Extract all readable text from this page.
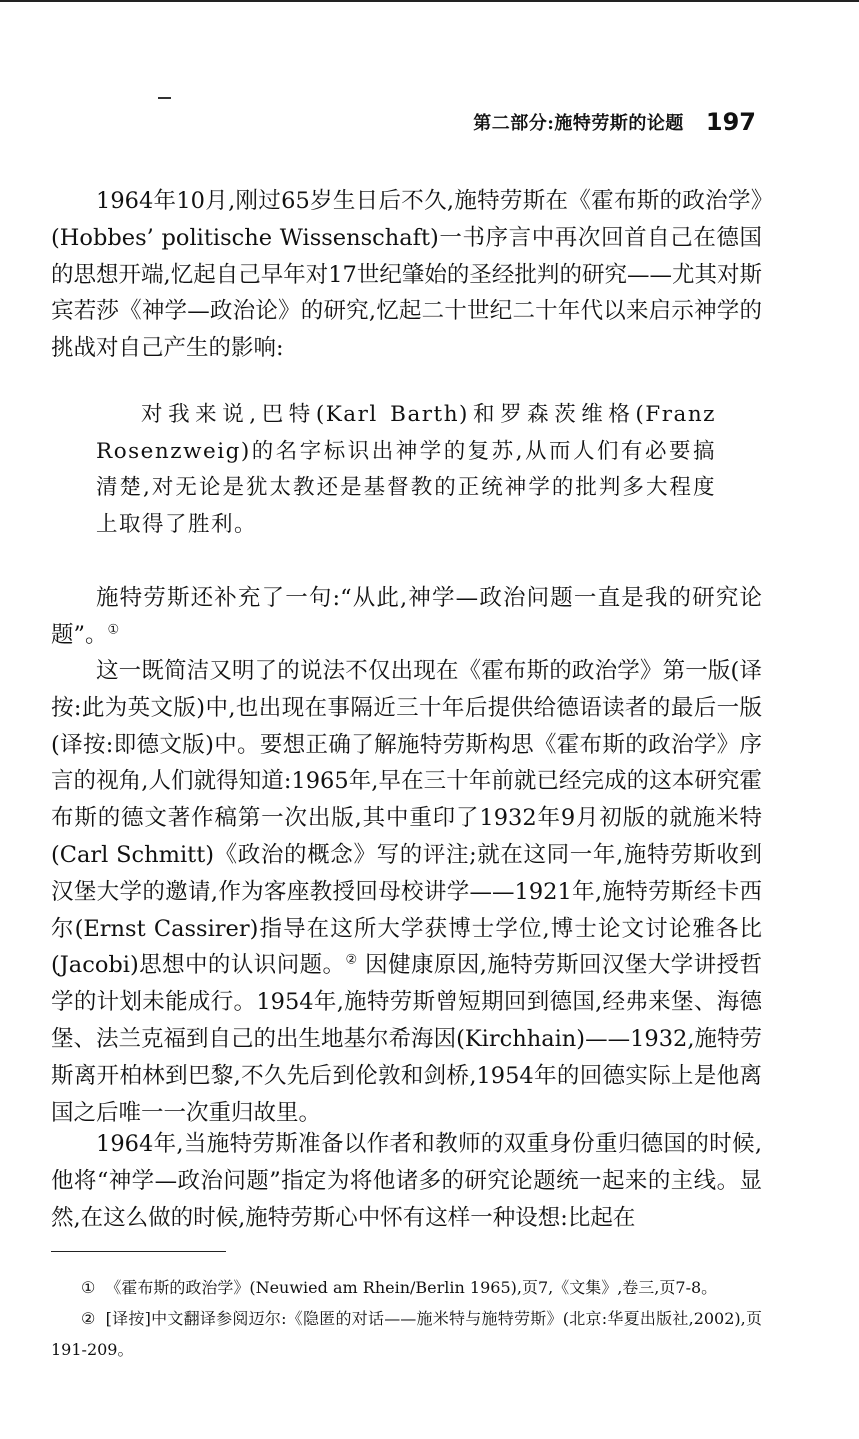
第二部分:施特劳斯的论题 197

1964年10月,刚过65岁生日后不久,施特劳斯在《霍布斯的政治学》(Hobbes’ politische Wissenschaft)一书序言中再次回首自己在德国的思想开端,忆起自己早年对17世纪肇始的圣经批判的研究——尤其对斯宾若莎《神学—政治论》的研究,忆起二十世纪二十年代以来启示神学的挑战对自己产生的影响:

对我来说,巴特(Karl Barth)和罗森茨维格(Franz Rosenzweig)的名字标识出神学的复苏,从而人们有必要搞清楚,对无论是犹太教还是基督教的正统神学的批判多大程度上取得了胜利。

施特劳斯还补充了一句:“从此,神学—政治问题一直是我的研究论题”。①

这一既简洁又明了的说法不仅出现在《霍布斯的政治学》第一版(译按:此为英文版)中,也出现在事隔近三十年后提供给德语读者的最后一版(译按:即德文版)中。要想正确了解施特劳斯构思《霍布斯的政治学》序言的视角,人们就得知道:1965年,早在三十年前就已经完成的这本研究霍布斯的德文著作稿第一次出版,其中重印了1932年9月初版的就施米特(Carl Schmitt)《政治的概念》写的评注;就在这同一年,施特劳斯收到汉堡大学的邀请,作为客座教授回母校讲学——1921年,施特劳斯经卡西尔(Ernst Cassirer)指导在这所大学获博士学位,博士论文讨论雅各比(Jacobi)思想中的认识问题。② 因健康原因,施特劳斯回汉堡大学讲授哲学的计划未能成行。1954年,施特劳斯曾短期回到德国,经弗来堡、海德堡、法兰克福到自己的出生地基尔希海因(Kirchhain)——1932,施特劳斯离开柏林到巴黎,不久先后到伦敦和剑桥,1954年的回德实际上是他离国之后唯一一次重归故里。

1964年,当施特劳斯准备以作者和教师的双重身份重归德国的时候,他将“神学—政治问题”指定为将他诸多的研究论题统一起来的主线。显然,在这么做的时候,施特劳斯心中怀有这样一种设想:比起在

① 《霍布斯的政治学》(Neuwied am Rhein/Berlin 1965),页7,《文集》,卷三,页7-8。

② [译按]中文翻译参阅迈尔:《隐匿的对话——施米特与施特劳斯》(北京:华夏出版社,2002),页191-209。
